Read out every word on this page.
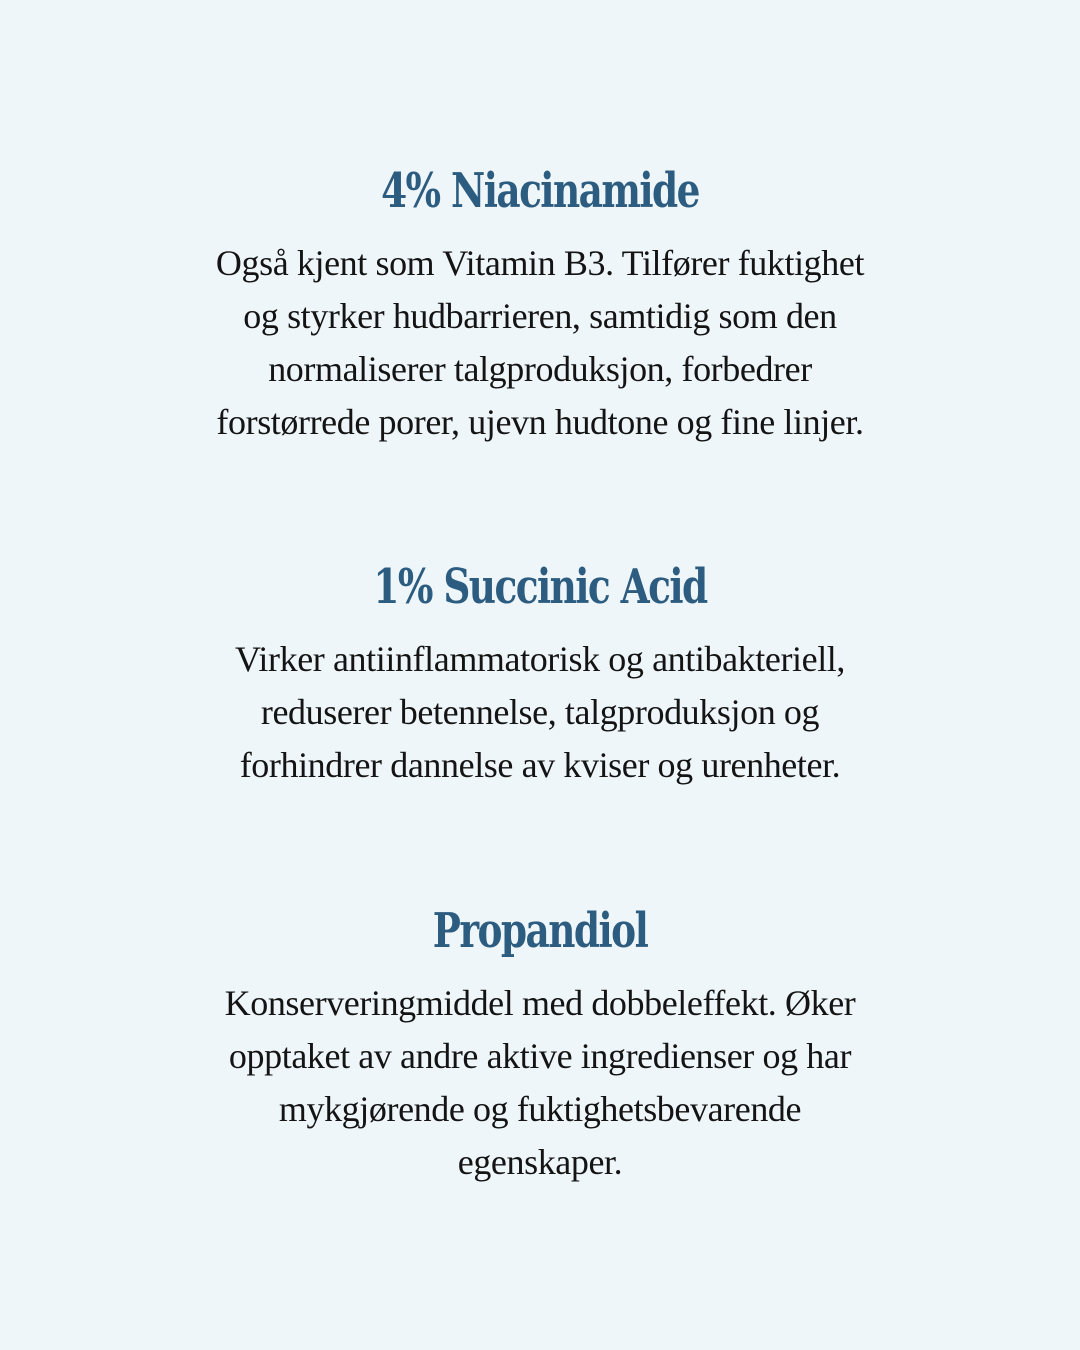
4% Niacinamide

Også kjent som Vitamin B3. Tilfører fuktighet
og styrker hudbarrieren, samtidig som den
normaliserer talgproduksjon, forbedrer
forstørrede porer, ujevn hudtone og fine linjer.

1% Succinic Acid

Virker antiinflammatorisk og antibakteriell,
reduserer betennelse, talgproduksjon og
forhindrer dannelse av kviser og urenheter.

Propandiol

Konserveringmiddel med dobbeleffekt. Øker
opptaket av andre aktive ingredienser og har
mykgjørende og fuktighetsbevarende
egenskaper.
